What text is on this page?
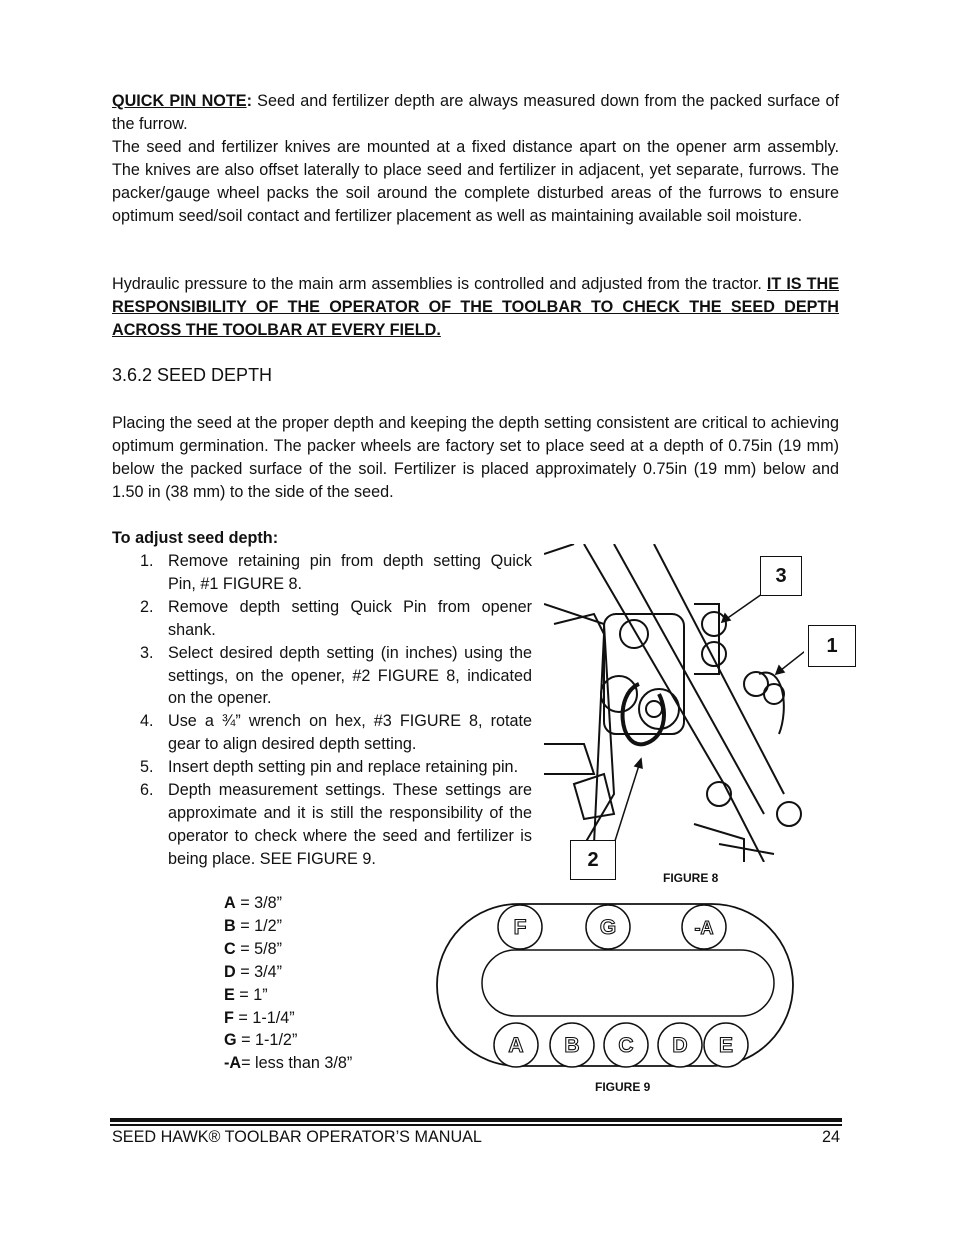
QUICK PIN NOTE: Seed and fertilizer depth are always measured down from the packed surface of the furrow.

The seed and fertilizer knives are mounted at a fixed distance apart on the opener arm assembly. The knives are also offset laterally to place seed and fertilizer in adjacent, yet separate, furrows. The packer/gauge wheel packs the soil around the complete disturbed areas of the furrows to ensure optimum seed/soil contact and fertilizer placement as well as maintaining available soil moisture.

Hydraulic pressure to the main arm assemblies is controlled and adjusted from the tractor. IT IS THE RESPONSIBILITY OF THE OPERATOR OF THE TOOLBAR TO CHECK THE SEED DEPTH ACROSS THE TOOLBAR AT EVERY FIELD.

3.6.2 SEED DEPTH

Placing the seed at the proper depth and keeping the depth setting consistent are critical to achieving optimum germination. The packer wheels are factory set to place seed at a depth of 0.75in (19 mm) below the packed surface of the soil. Fertilizer is placed approximately 0.75in (19 mm) below and 1.50 in (38 mm) to the side of the seed.

To adjust seed depth:

1. Remove retaining pin from depth setting Quick Pin, #1 FIGURE 8.
2. Remove depth setting Quick Pin from opener shank.
3. Select desired depth setting (in inches) using the settings, on the opener, #2 FIGURE 8, indicated on the opener.
4. Use a ¾” wrench on hex, #3 FIGURE 8, rotate gear to align desired depth setting.
5. Insert depth setting pin and replace retaining pin.
6. Depth measurement settings. These settings are approximate and it is still the responsibility of the operator to check where the seed and fertilizer is being place. SEE FIGURE 9.
A = 3/8”
B = 1/2”
C = 5/8”
D = 3/4”
E = 1”
F = 1-1/4”
G = 1-1/2”
-A= less than 3/8”
3
1
2
FIGURE 8
F	G	-A
A B C D E
FIGURE 9
SEED HAWK® TOOLBAR OPERATOR’S MANUAL	24
